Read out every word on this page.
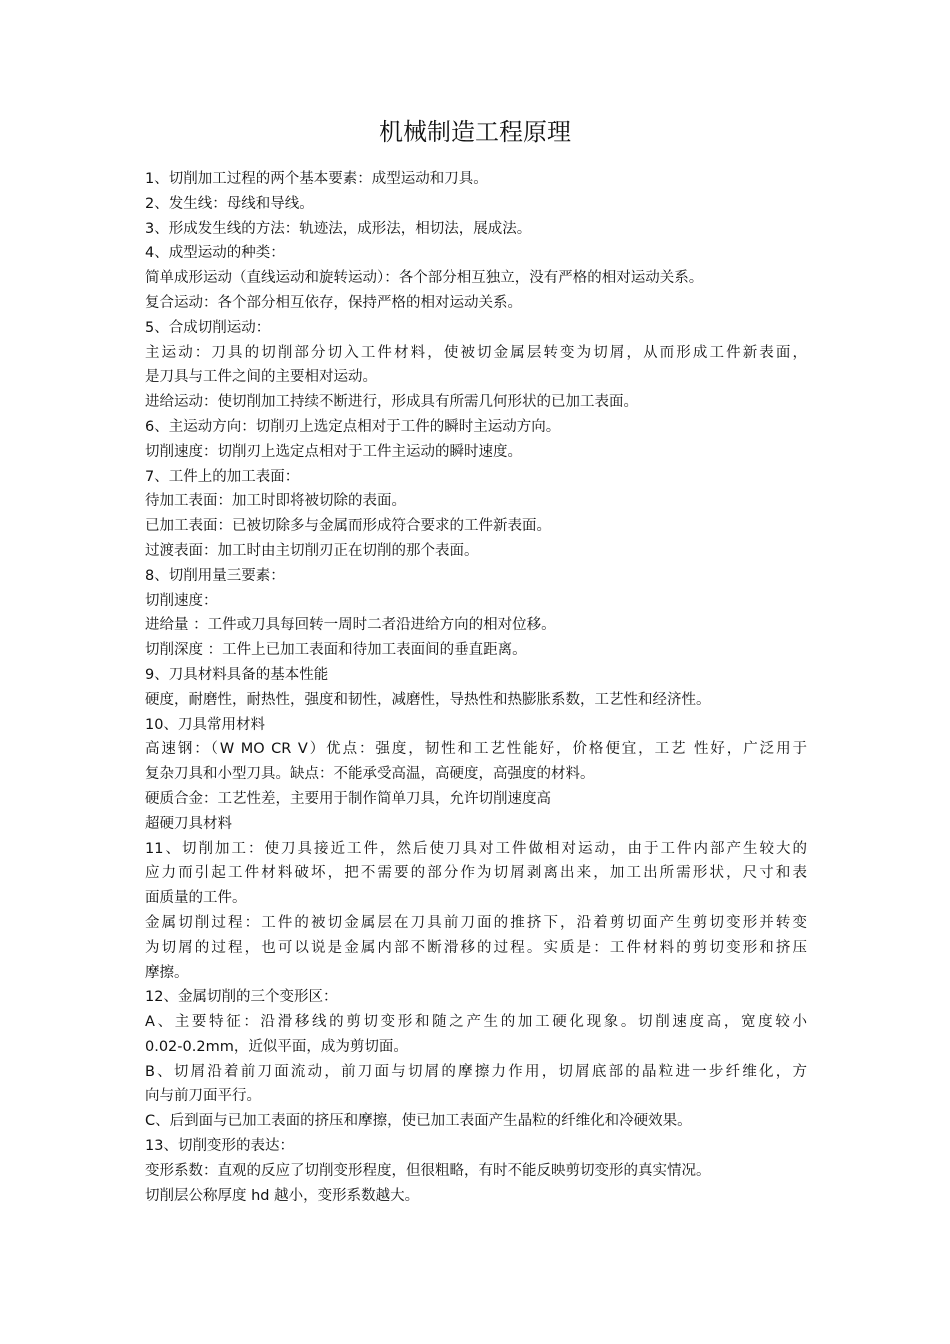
机械制造工程原理
1、切削加工过程的两个基本要素：成型运动和刀具。
2、发生线：母线和导线。
3、形成发生线的方法：轨迹法，成形法，相切法，展成法。
4、成型运动的种类：
简单成形运动（直线运动和旋转运动）：各个部分相互独立，没有严格的相对运动关系。
复合运动：各个部分相互依存，保持严格的相对运动关系。
5、合成切削运动：
主运动：刀具的切削部分切入工件材料，使被切金属层转变为切屑，从而形成工件新表面，
是刀具与工件之间的主要相对运动。
进给运动：使切削加工持续不断进行，形成具有所需几何形状的已加工表面。
6、主运动方向：切削刃上选定点相对于工件的瞬时主运动方向。
切削速度：切削刃上选定点相对于工件主运动的瞬时速度。
7、工件上的加工表面：
待加工表面：加工时即将被切除的表面。
已加工表面：已被切除多与金属而形成符合要求的工件新表面。
过渡表面：加工时由主切削刃正在切削的那个表面。
8、切削用量三要素：
切削速度：
进给量 ：工件或刀具每回转一周时二者沿进给方向的相对位移。
切削深度 ：工件上已加工表面和待加工表面间的垂直距离。
9、刀具材料具备的基本性能
硬度，耐磨性，耐热性，强度和韧性，减磨性，导热性和热膨胀系数，工艺性和经济性。
10、刀具常用材料
高速钢：（W MO CR V）优点：强度，韧性和工艺性能好，价格便宜，工艺 性好，广泛用于
复杂刀具和小型刀具。缺点：不能承受高温，高硬度，高强度的材料。
硬质合金：工艺性差，主要用于制作简单刀具，允许切削速度高
超硬刀具材料
11、切削加工：使刀具接近工件，然后使刀具对工件做相对运动，由于工件内部产生较大的
应力而引起工件材料破坏，把不需要的部分作为切屑剥离出来，加工出所需形状，尺寸和表
面质量的工件。
金属切削过程：工件的被切金属层在刀具前刀面的推挤下，沿着剪切面产生剪切变形并转变
为切屑的过程，也可以说是金属内部不断滑移的过程。实质是：工件材料的剪切变形和挤压
摩擦。
12、金属切削的三个变形区：
A、主要特征：沿滑移线的剪切变形和随之产生的加工硬化现象。切削速度高，宽度较小
0.02-0.2mm，近似平面，成为剪切面。
B、切屑沿着前刀面流动，前刀面与切屑的摩擦力作用，切屑底部的晶粒进一步纤维化，方
向与前刀面平行。
C、后到面与已加工表面的挤压和摩擦，使已加工表面产生晶粒的纤维化和冷硬效果。
13、切削变形的表达：
变形系数：直观的反应了切削变形程度，但很粗略，有时不能反映剪切变形的真实情况。
切削层公称厚度 hd 越小，变形系数越大。
